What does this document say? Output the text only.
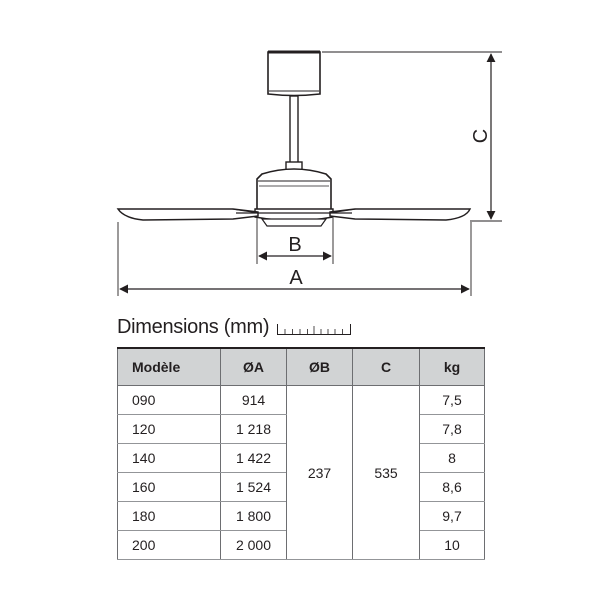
C
B
A
Dimensions (mm)
Modèle	ØA	ØB	C	kg
090	914	237	535	7,5
120	1 218			7,8
140	1 422			8
160	1 524			8,6
180	1 800			9,7
200	2 000			10
